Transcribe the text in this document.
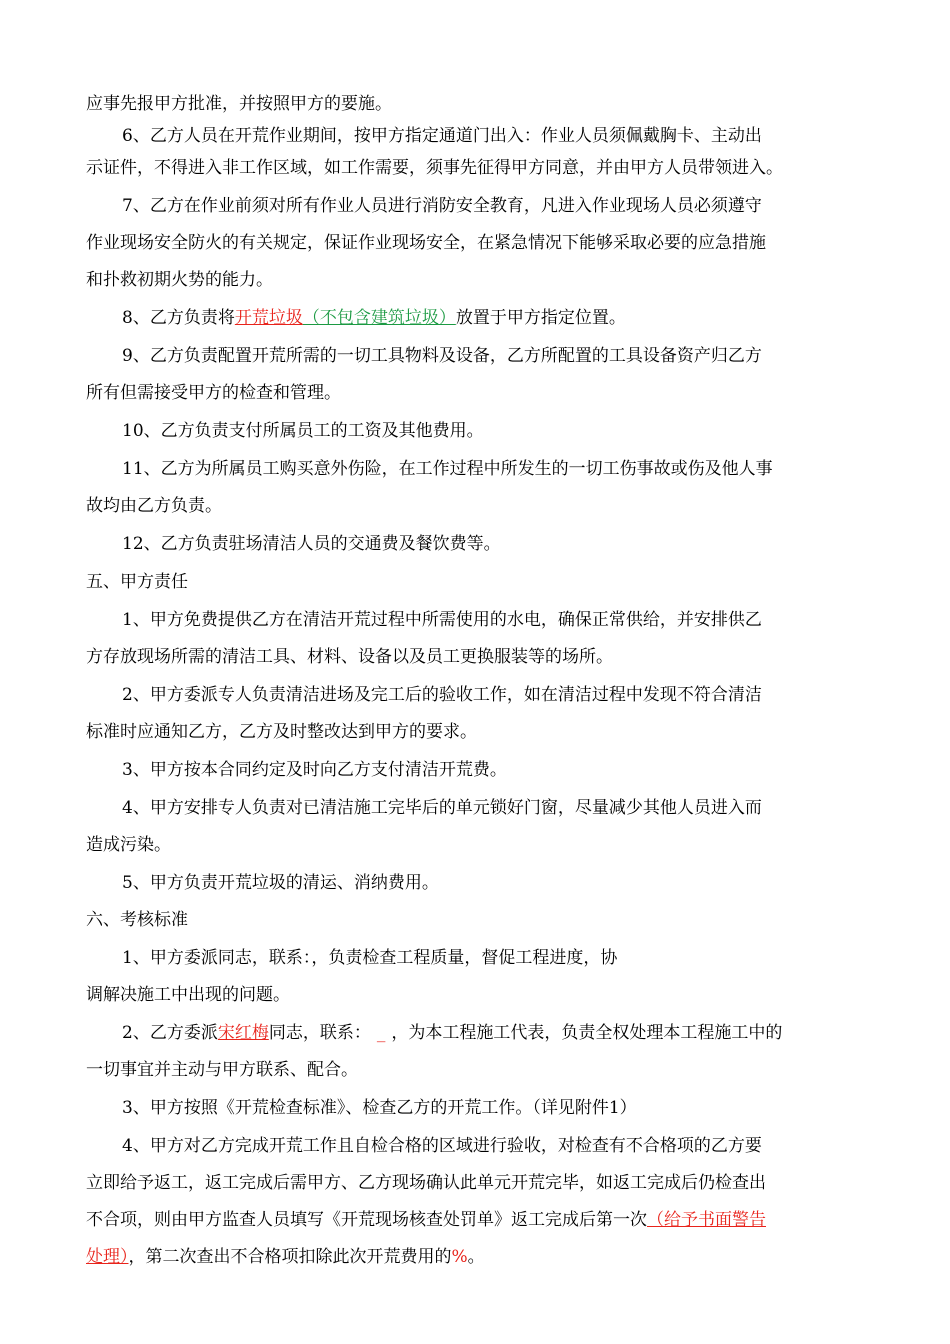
应事先报甲方批准，并按照甲方的要施。

6、乙方人员在开荒作业期间，按甲方指定通道门出入：作业人员须佩戴胸卡、主动出

示证件，不得进入非工作区域，如工作需要，须事先征得甲方同意，并由甲方人员带领进入。

7、乙方在作业前须对所有作业人员进行消防安全教育，凡进入作业现场人员必须遵守

作业现场安全防火的有关规定，保证作业现场安全，在紧急情况下能够采取必要的应急措施

和扑救初期火势的能力。

8、乙方负责将开荒垃圾（不包含建筑垃圾）放置于甲方指定位置。

9、乙方负责配置开荒所需的一切工具物料及设备，乙方所配置的工具设备资产归乙方

所有但需接受甲方的检查和管理。

10、乙方负责支付所属员工的工资及其他费用。

11、乙方为所属员工购买意外伤险，在工作过程中所发生的一切工伤事故或伤及他人事

故均由乙方负责。

12、乙方负责驻场清洁人员的交通费及餐饮费等。

五、甲方责任

1、甲方免费提供乙方在清洁开荒过程中所需使用的水电，确保正常供给，并安排供乙

方存放现场所需的清洁工具、材料、设备以及员工更换服装等的场所。

2、甲方委派专人负责清洁进场及完工后的验收工作，如在清洁过程中发现不符合清洁

标准时应通知乙方，乙方及时整改达到甲方的要求。

3、甲方按本合同约定及时向乙方支付清洁开荒费。

4、甲方安排专人负责对已清洁施工完毕后的单元锁好门窗，尽量减少其他人员进入而

造成污染。

5、甲方负责开荒垃圾的清运、消纳费用。

六、考核标准

1、甲方委派同志，联系：，负责检查工程质量，督促工程进度，协

调解决施工中出现的问题。

2、乙方委派宋红梅同志，联系： _ ，为本工程施工代表，负责全权处理本工程施工中的

一切事宜并主动与甲方联系、配合。

3、甲方按照《开荒检查标准》、检查乙方的开荒工作。（详见附件1）

4、甲方对乙方完成开荒工作且自检合格的区域进行验收，对检查有不合格项的乙方要

立即给予返工，返工完成后需甲方、乙方现场确认此单元开荒完毕，如返工完成后仍检查出

不合项，则由甲方监查人员填写《开荒现场核查处罚单》返工完成后第一次（给予书面警告

处理），第二次查出不合格项扣除此次开荒费用的%。
